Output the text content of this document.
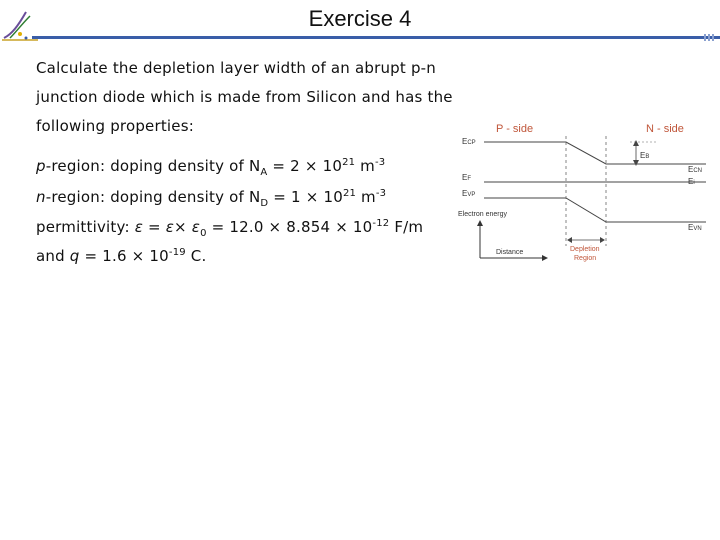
Exercise 4
Calculate the depletion layer width of an abrupt p-n
junction diode which is made from Silicon and has the
following properties:
p-region: doping density of $N_A = 2 \times 10^{21}$ $m^{-3}$
n-region: doping density of $N_D = 1 \times 10^{21}$ $m^{-3}$
permittivity: $\varepsilon = \varepsilon\times \varepsilon_0 = 12.0 \times 8.854 \times 10^{-12}$ F/m
and $q = 1.6 \times 10^{-19}$ C.
P - side	N - side
ECP
EF
EVP
EB
ECN
Ei
EVN
Electron energy
Distance	Depletion
Region
